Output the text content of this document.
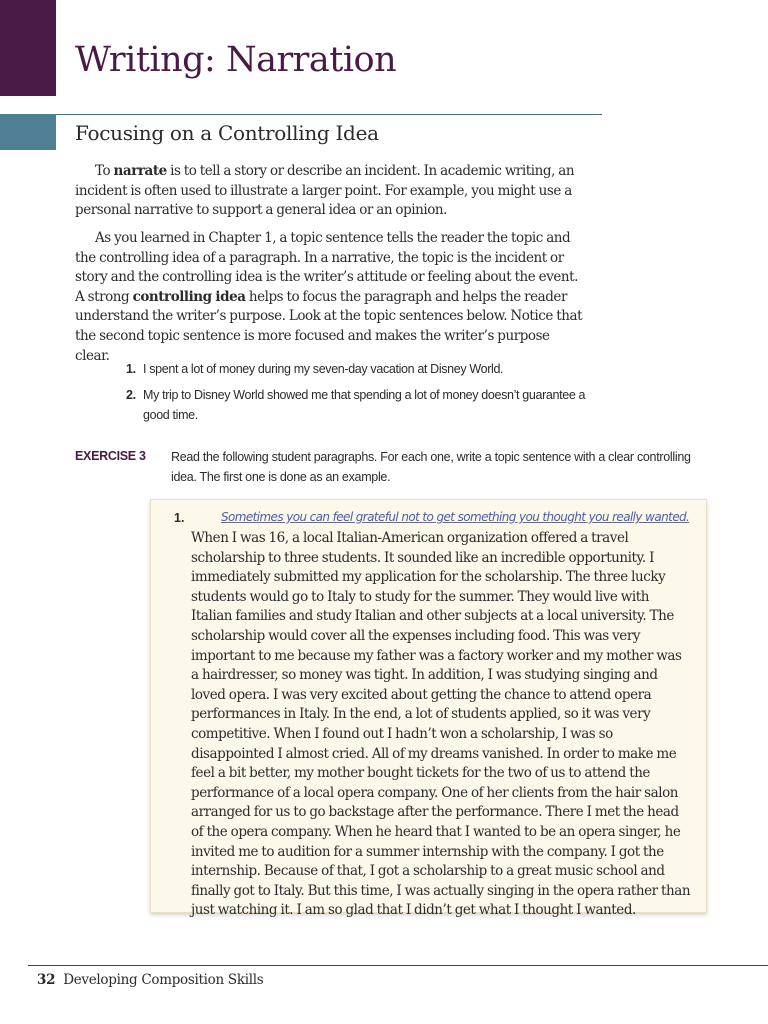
Writing: Narration
Focusing on a Controlling Idea

To narrate is to tell a story or describe an incident. In academic writing, an incident is often used to illustrate a larger point. For example, you might use a personal narrative to support a general idea or an opinion.

As you learned in Chapter 1, a topic sentence tells the reader the topic and the controlling idea of a paragraph. In a narrative, the topic is the incident or story and the controlling idea is the writer’s attitude or feeling about the event. A strong controlling idea helps to focus the paragraph and helps the reader understand the writer’s purpose. Look at the topic sentences below. Notice that the second topic sentence is more focused and makes the writer’s purpose clear.

1. I spent a lot of money during my seven-day vacation at Disney World.
2. My trip to Disney World showed me that spending a lot of money doesn’t guarantee a good time.
EXERCISE 3 Read the following student paragraphs. For each one, write a topic sentence with a clear controlling idea. The first one is done as an example.
1.	Sometimes you can feel grateful not to get something you thought you really wanted.

When I was 16, a local Italian-American organization offered a travel scholarship to three students. It sounded like an incredible opportunity. I immediately submitted my application for the scholarship. The three lucky students would go to Italy to study for the summer. They would live with Italian families and study Italian and other subjects at a local university. The scholarship would cover all the expenses including food. This was very important to me because my father was a factory worker and my mother was a hairdresser, so money was tight. In addition, I was studying singing and loved opera. I was very excited about getting the chance to attend opera performances in Italy. In the end, a lot of students applied, so it was very competitive. When I found out I hadn’t won a scholarship, I was so disappointed I almost cried. All of my dreams vanished. In order to make me feel a bit better, my mother bought tickets for the two of us to attend the performance of a local opera company. One of her clients from the hair salon arranged for us to go backstage after the performance. There I met the head of the opera company. When he heard that I wanted to be an opera singer, he invited me to audition for a summer internship with the company. I got the internship. Because of that, I got a scholarship to a great music school and finally got to Italy. But this time, I was actually singing in the opera rather than just watching it. I am so glad that I didn’t get what I thought I wanted.

32 Developing Composition Skills
